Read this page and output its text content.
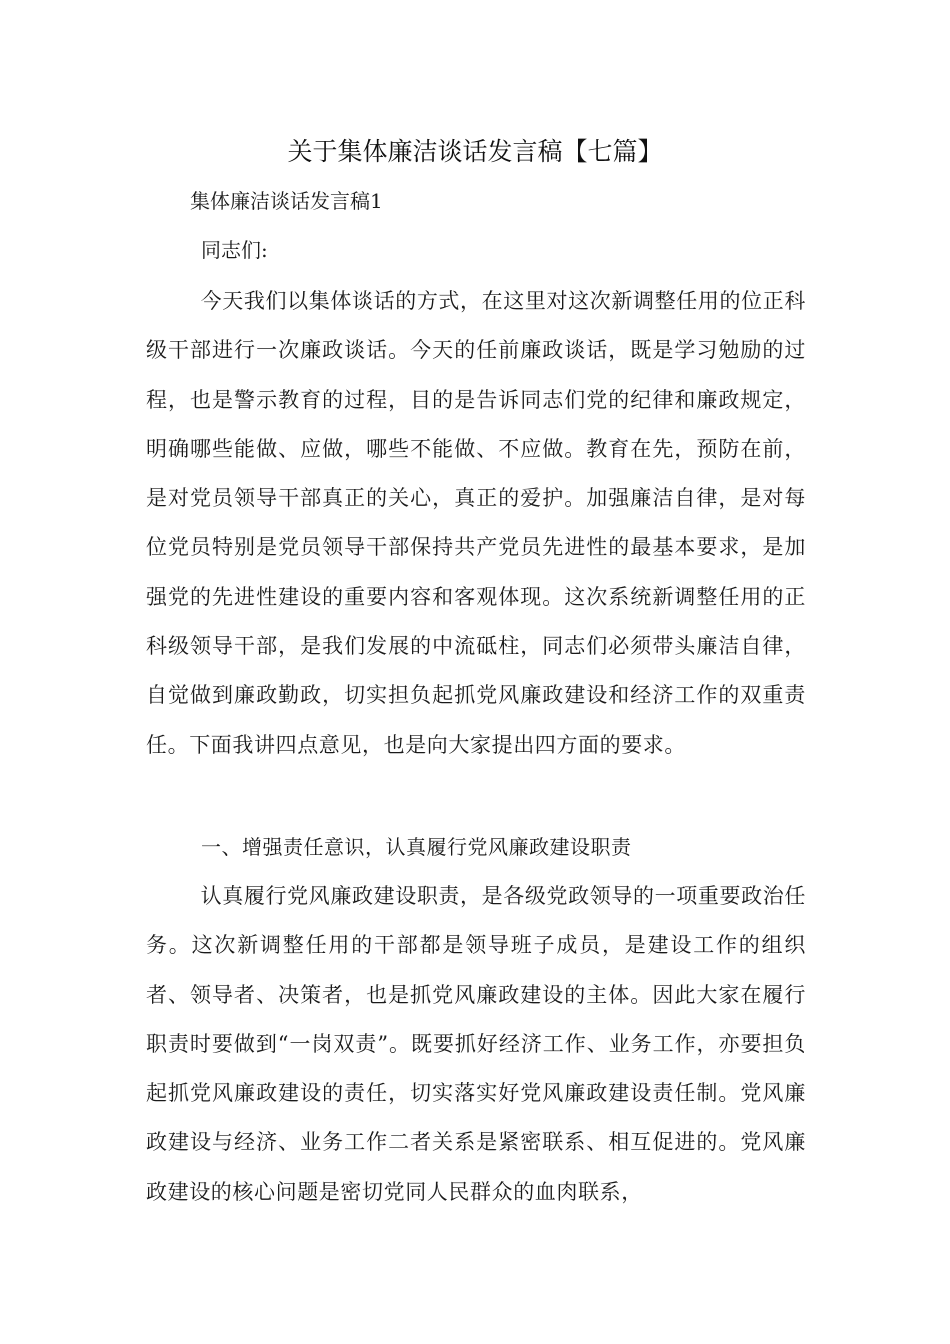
关于集体廉洁谈话发言稿【七篇】

集体廉洁谈话发言稿1

同志们:

今天我们以集体谈话的方式，在这里对这次新调整任用的位正科级干部进行一次廉政谈话。今天的任前廉政谈话，既是学习勉励的过程，也是警示教育的过程，目的是告诉同志们党的纪律和廉政规定，明确哪些能做、应做，哪些不能做、不应做。教育在先，预防在前，是对党员领导干部真正的关心，真正的爱护。加强廉洁自律，是对每位党员特别是党员领导干部保持共产党员先进性的最基本要求，是加强党的先进性建设的重要内容和客观体现。这次系统新调整任用的正科级领导干部，是我们发展的中流砥柱，同志们必须带头廉洁自律，自觉做到廉政勤政，切实担负起抓党风廉政建设和经济工作的双重责任。下面我讲四点意见，也是向大家提出四方面的要求。

一、增强责任意识，认真履行党风廉政建设职责

认真履行党风廉政建设职责，是各级党政领导的一项重要政治任务。这次新调整任用的干部都是领导班子成员，是建设工作的组织者、领导者、决策者，也是抓党风廉政建设的主体。因此大家在履行职责时要做到“一岗双责”。既要抓好经济工作、业务工作，亦要担负起抓党风廉政建设的责任，切实落实好党风廉政建设责任制。党风廉政建设与经济、业务工作二者关系是紧密联系、相互促进的。党风廉政建设的核心问题是密切党同人民群众的血肉联系，
